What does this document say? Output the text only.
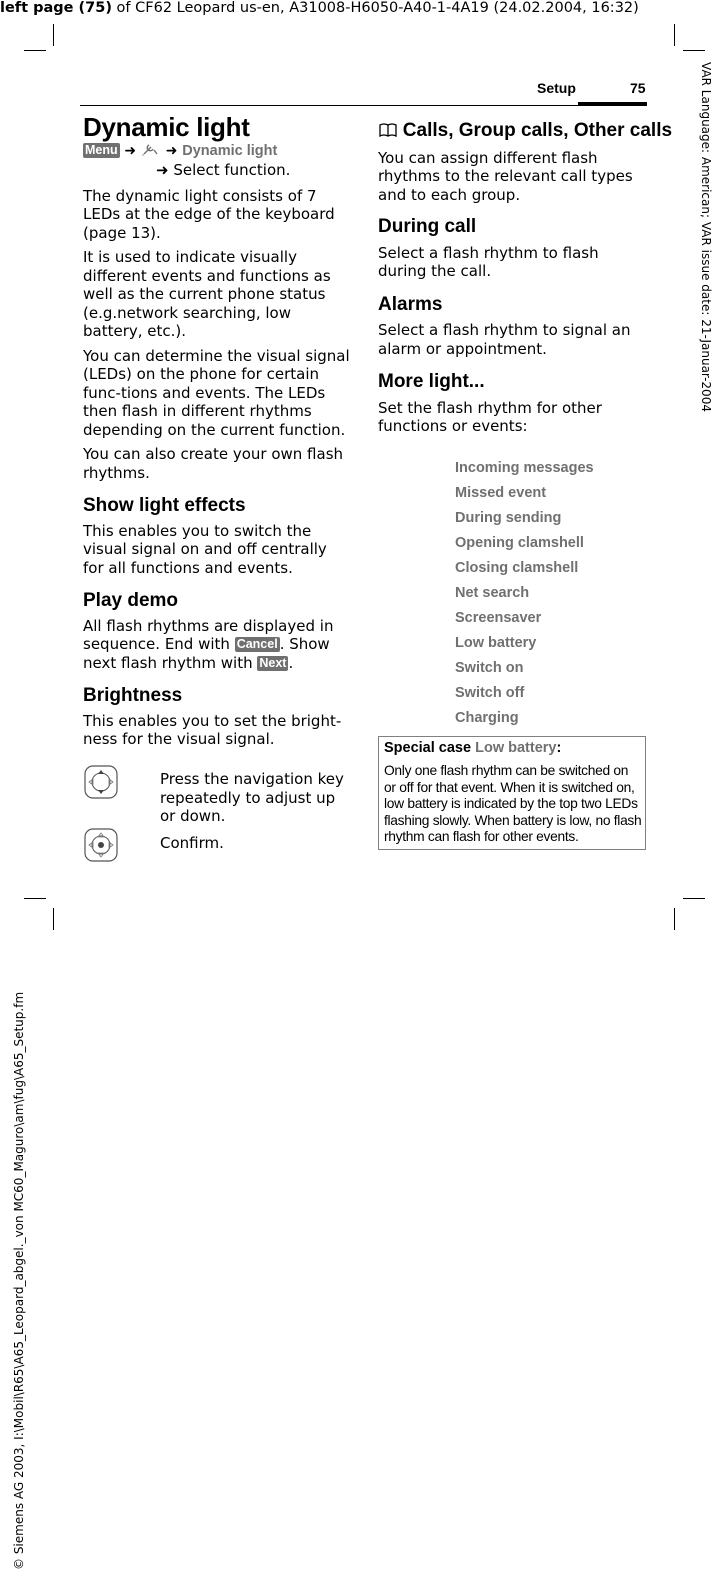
left page (75) of CF62 Leopard us-en, A31008-H6050-A40-1-4A19 (24.02.2004, 16:32)
VAR Language: American; VAR issue date: 21-Januar-2004
© Siemens AG 2003, I:\Mobil\R65\A65_Leopard_abgel._von MC60_Maguro\am\fug\A65_Setup.fm
Setup	75
Dynamic light
Menu ➜ ➜ Dynamic light
➜ Select function.

The dynamic light consists of 7 LEDs at the edge of the keyboard (page 13).

It is used to indicate visually different events and functions as well as the current phone status (e.g.network searching, low battery, etc.).

You can determine the visual signal (LEDs) on the phone for certain func-tions and events. The LEDs then flash in different rhythms depending on the current function.

You can also create your own flash rhythms.

Show light effects

This enables you to switch the visual signal on and off centrally for all functions and events.

Play demo

All flash rhythms are displayed in sequence. End with Cancel . Show next flash rhythm with Next .

Brightness

This enables you to set the bright-ness for the visual signal.

Press the navigation key repeatedly to adjust up or down.
Confirm.
Calls, Group calls, Other calls

You can assign different flash rhythms to the relevant call types and to each group.

During call

Select a flash rhythm to flash during the call.

Alarms

Select a flash rhythm to signal an alarm or appointment.

More light...

Set the flash rhythm for other functions or events:

Incoming messages
Missed event
During sending
Opening clamshell
Closing clamshell
Net search
Screensaver
Low battery
Switch on
Switch off
Charging
Special case Low battery:
Only one flash rhythm can be switched on or off for that event. When it is switched on, low battery is indicated by the top two LEDs flashing slowly. When battery is low, no flash rhythm can flash for other events.
